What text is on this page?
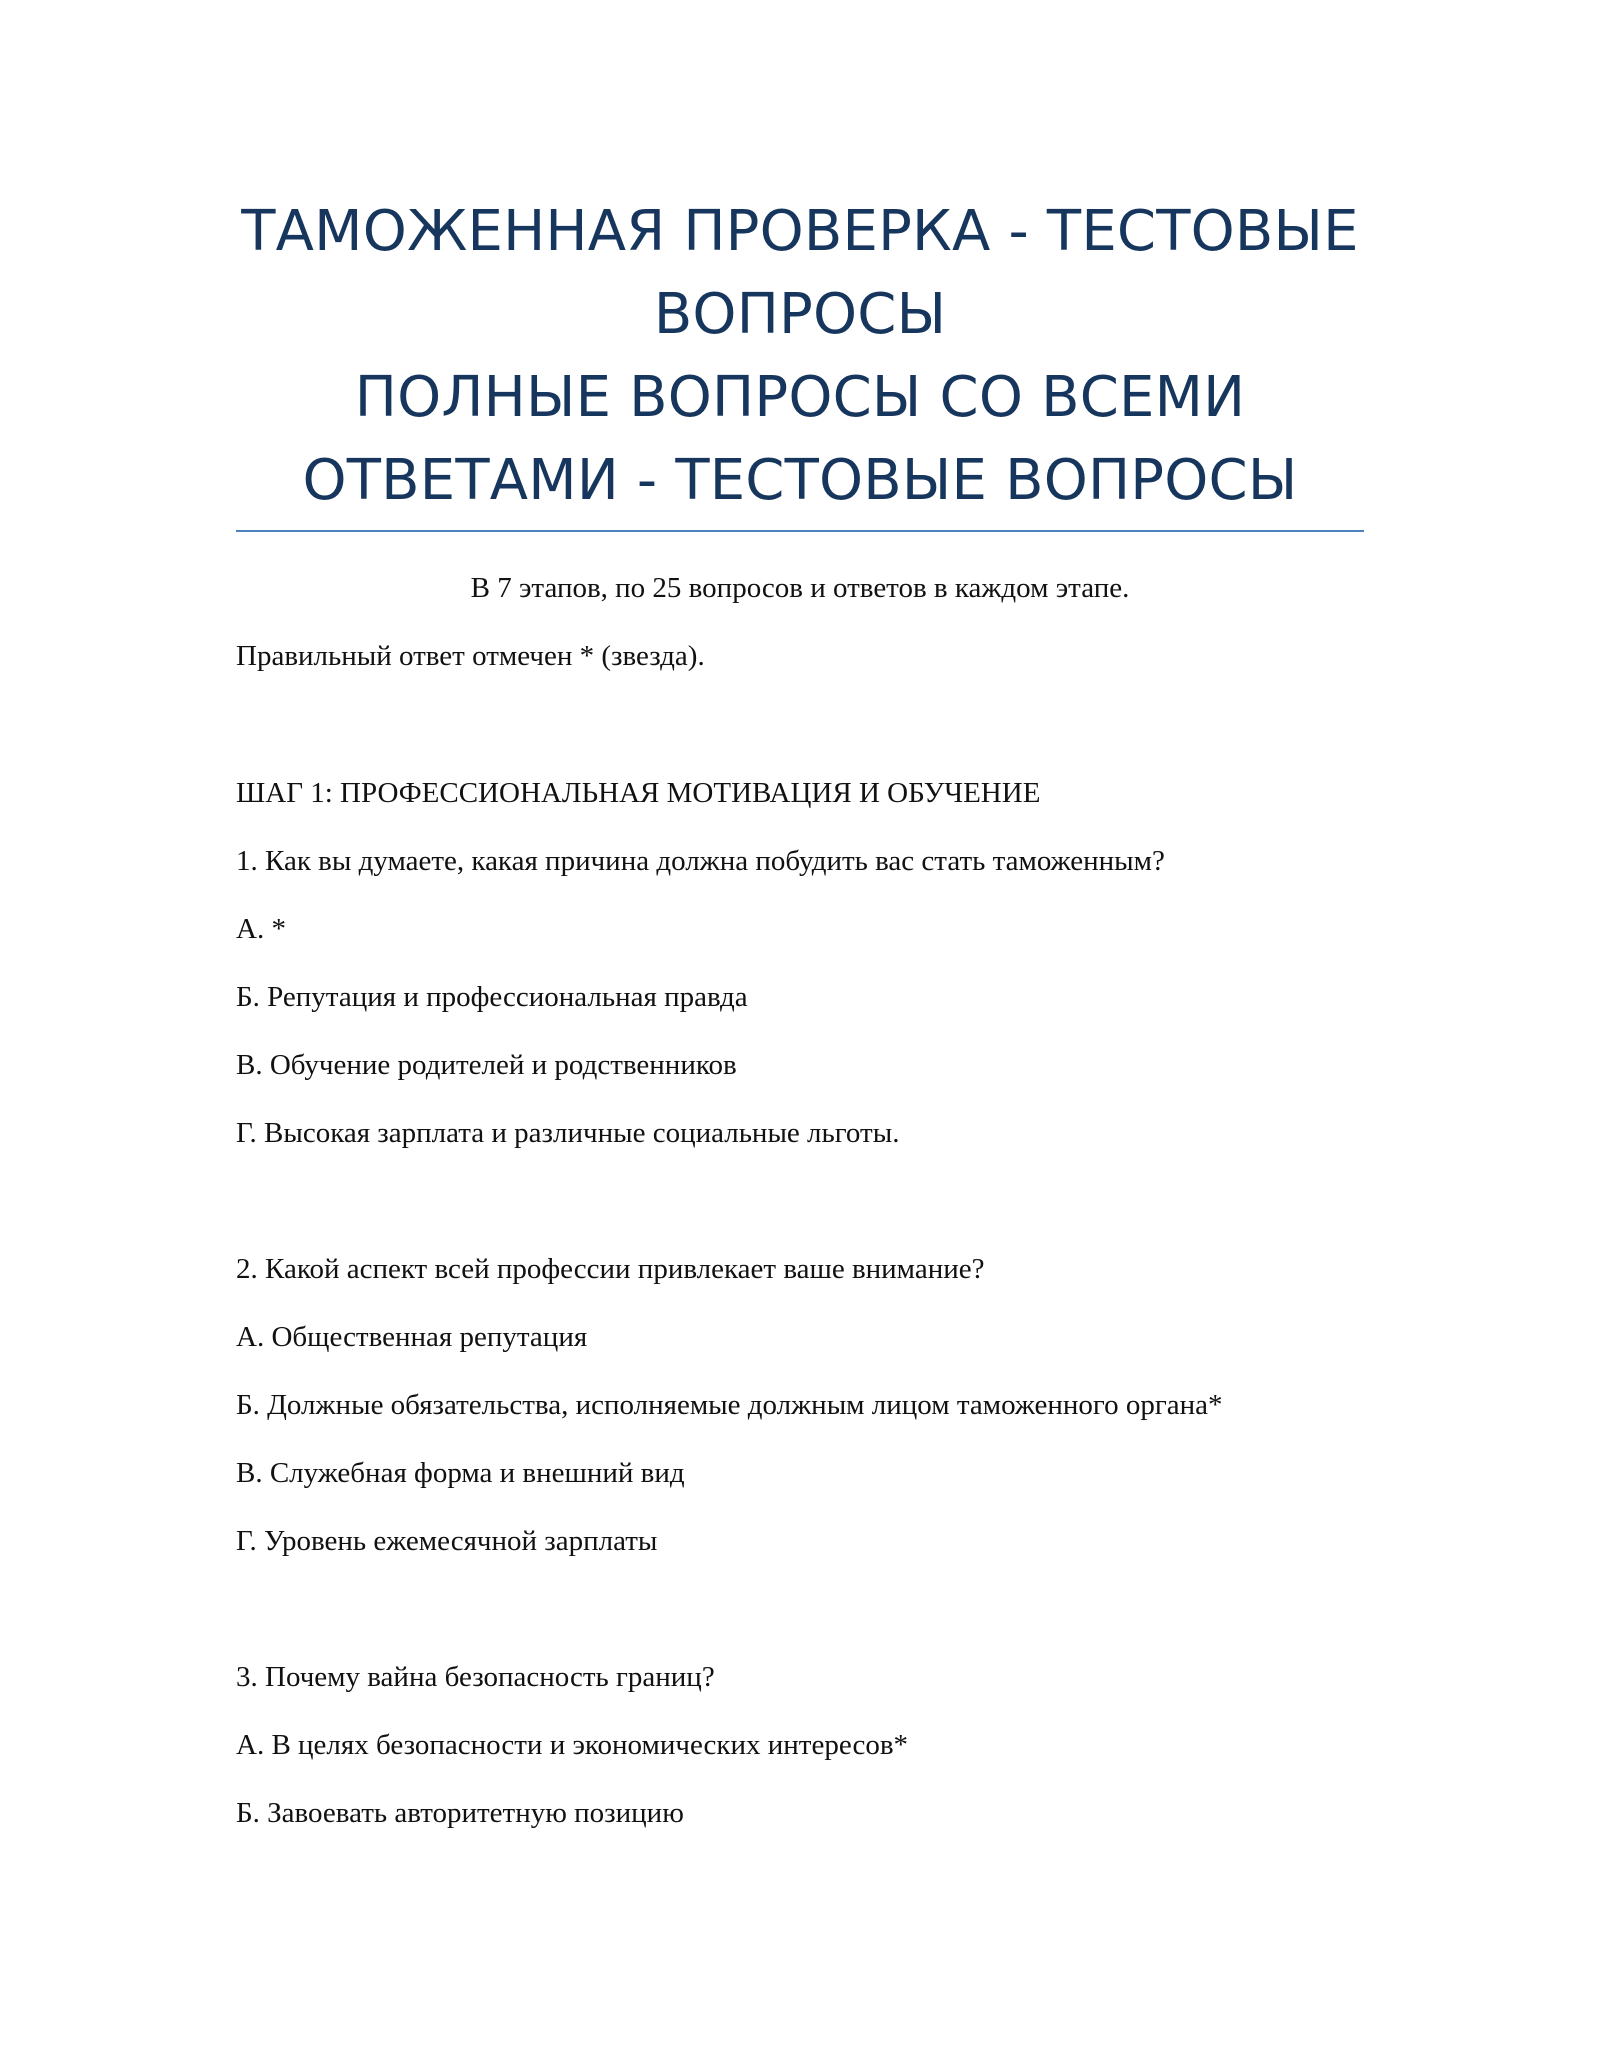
ТАМОЖЕННАЯ ПРОВЕРКА - ТЕСТОВЫЕ
ВОПРОСЫ
ПОЛНЫЕ ВОПРОСЫ СО ВСЕМИ
ОТВЕТАМИ - ТЕСТОВЫЕ ВОПРОСЫ
В 7 этапов, по 25 вопросов и ответов в каждом этапе.
Правильный ответ отмечен * (звезда).
ШАГ 1: ПРОФЕССИОНАЛЬНАЯ МОТИВАЦИЯ И ОБУЧЕНИЕ
1. Как вы думаете, какая причина должна побудить вас стать таможенным?
А. *
Б. Репутация и профессиональная правда
В. Обучение родителей и родственников
Г. Высокая зарплата и различные социальные льготы.
2. Какой аспект всей профессии привлекает ваше внимание?
А. Общественная репутация
Б. Должные обязательства, исполняемые должным лицом таможенного органа*
В. Служебная форма и внешний вид
Г. Уровень ежемесячной зарплаты
3. Почему вайна безопасность границ?
А. В целях безопасности и экономических интересов*
Б. Завоевать авторитетную позицию
